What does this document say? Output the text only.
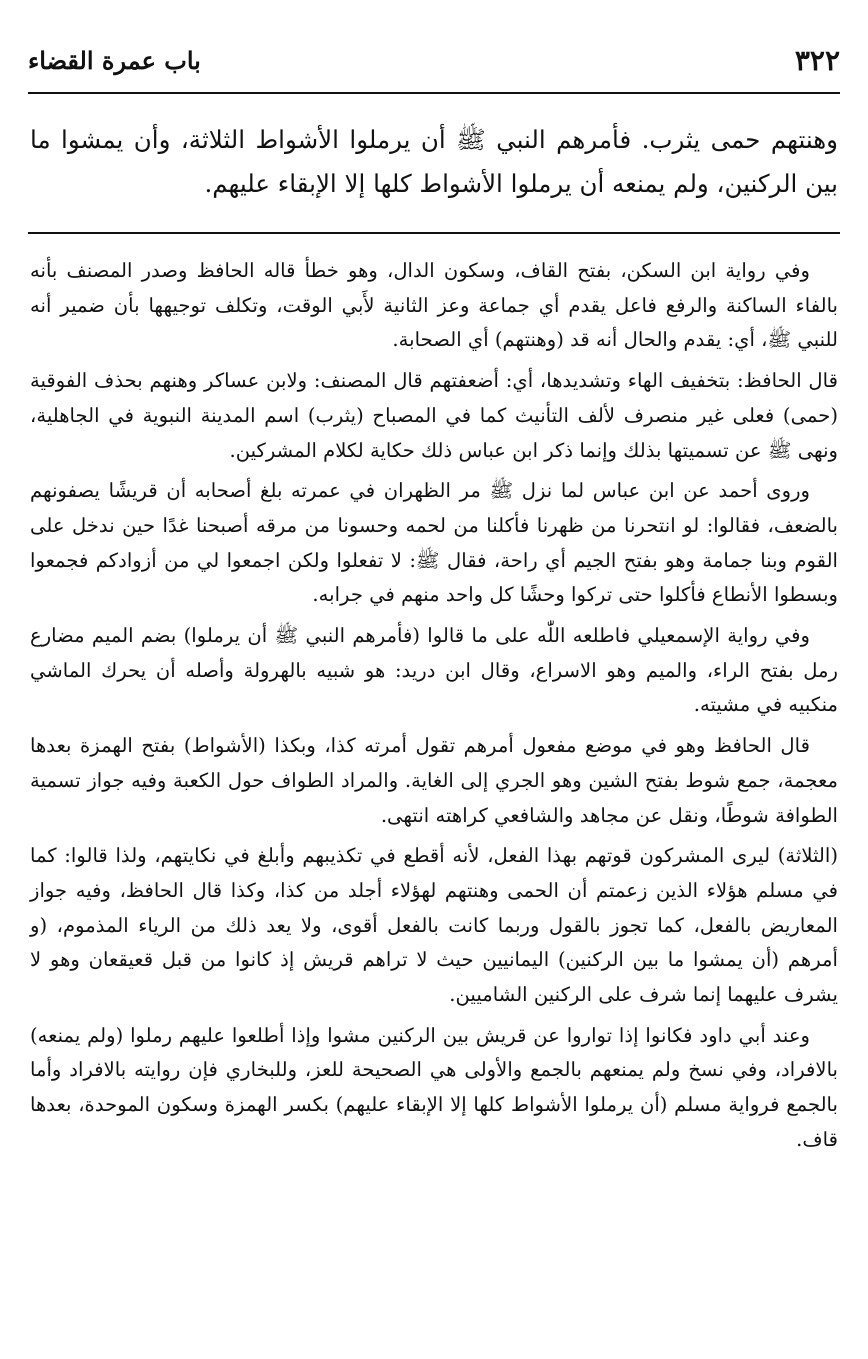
٣٢٢
باب عمرة القضاء
وهنتهم حمى يثرب. فأمرهم النبي ﷺ أن يرملوا الأشواط الثلاثة، وأن يمشوا ما بين الركنين، ولم يمنعه أن يرملوا الأشواط كلها إلا الإبقاء عليهم.

وفي رواية ابن السكن، بفتح القاف، وسكون الدال، وهو خطأ قاله الحافظ وصدر المصنف بأنه بالفاء الساكنة والرفع فاعل يقدم أي جماعة وعز الثانية لأَبي الوقت، وتكلف توجيهها بأن ضمير أنه للنبي ﷺ، أي: يقدم والحال أنه قد (وهنتهم) أي الصحابة.

قال الحافظ: بتخفيف الهاء وتشديدها، أي: أضعفتهم قال المصنف: ولابن عساكر وهنهم بحذف الفوقية (حمى) فعلى غير منصرف لألف التأنيث كما في المصباح (يثرب) اسم المدينة النبوية في الجاهلية، ونهى ﷺ عن تسميتها بذلك وإنما ذكر ابن عباس ذلك حكاية لكلام المشركين.

وروى أحمد عن ابن عباس لما نزل ﷺ مر الظهران في عمرته بلغ أصحابه أن قريشًا يصفونهم بالضعف، فقالوا: لو انتحرنا من ظهرنا فأكلنا من لحمه وحسونا من مرقه أصبحنا غدًا حين ندخل على القوم وبنا جمامة وهو بفتح الجيم أي راحة، فقال ﷺ: لا تفعلوا ولكن اجمعوا لي من أزوادكم فجمعوا وبسطوا الأنطاع فأكلوا حتى تركوا وحشًا كل واحد منهم في جرابه.

وفي رواية الإسمعيلي فاطلعه اللّٰه على ما قالوا (فأمرهم النبي ﷺ أن يرملوا) بضم الميم مضارع رمل بفتح الراء، والميم وهو الاسراع، وقال ابن دريد: هو شبيه بالهرولة وأصله أن يحرك الماشي منكبيه في مشيته.

قال الحافظ وهو في موضع مفعول أمرهم تقول أمرته كذا، وبكذا (الأشواط) بفتح الهمزة بعدها معجمة، جمع شوط بفتح الشين وهو الجري إلى الغاية. والمراد الطواف حول الكعبة وفيه جواز تسمية الطوافة شوطًا، ونقل عن مجاهد والشافعي كراهته انتهى.

(الثلاثة) ليرى المشركون قوتهم بهذا الفعل، لأنه أقطع في تكذيبهم وأبلغ في نكايتهم، ولذا قالوا: كما في مسلم هؤلاء الذين زعمتم أن الحمى وهنتهم لهؤلاء أجلد من كذا، وكذا قال الحافظ، وفيه جواز المعاريض بالفعل، كما تجوز بالقول وربما كانت بالفعل أقوى، ولا يعد ذلك من الرياء المذموم، (و أمرهم (أن يمشوا ما بين الركنين) اليمانيين حيث لا تراهم قريش إذ كانوا من قبل قعيقعان وهو لا يشرف عليهما إنما شرف على الركنين الشاميين.

وعند أبي داود فكانوا إذا تواروا عن قريش بين الركنين مشوا وإذا أطلعوا عليهم رملوا (ولم يمنعه) بالافراد، وفي نسخ ولم يمنعهم بالجمع والأولى هي الصحيحة للعز، وللبخاري فإن روايته بالافراد وأما بالجمع فرواية مسلم (أن يرملوا الأشواط كلها إلا الإبقاء عليهم) بكسر الهمزة وسكون الموحدة، بعدها قاف.
